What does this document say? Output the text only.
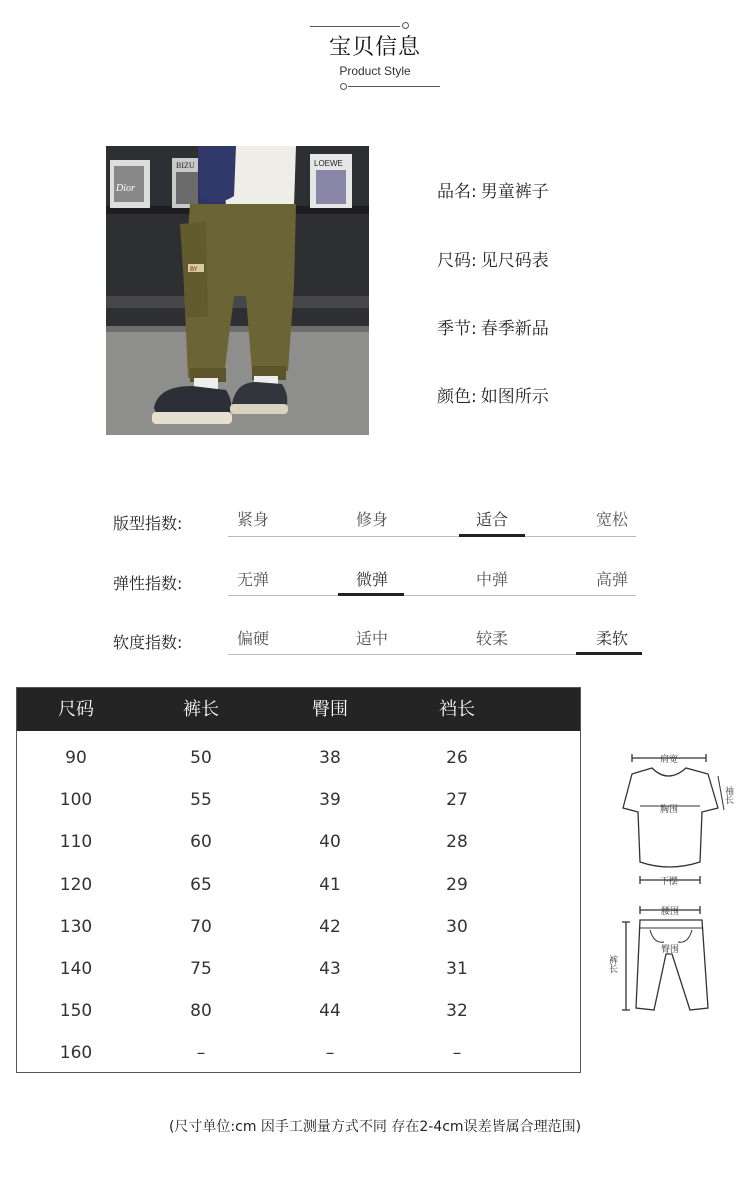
宝贝信息
Product Style
Dior
BIZU	LOEWE
BY
品名: 男童裤子
尺码: 见尺码表
季节: 春季新品
颜色: 如图所示
版型指数:	紧身	修身	适合	宽松
弹性指数:	无弹	微弹	中弹	高弹
软度指数:	偏硬	适中	较柔	柔软
尺码	裤长	臀围	裆长
90	50	38	26
100	55	39	27
110	60	40	28
120	65	41	29
130	70	42	30
140	75	43	31
150	80	44	32
160	–	–	–
肩宽
胸围
下摆
袖长
腰围
臀围
裤长
(尺寸单位:cm 因手工测量方式不同 存在2-4cm误差皆属合理范围)
